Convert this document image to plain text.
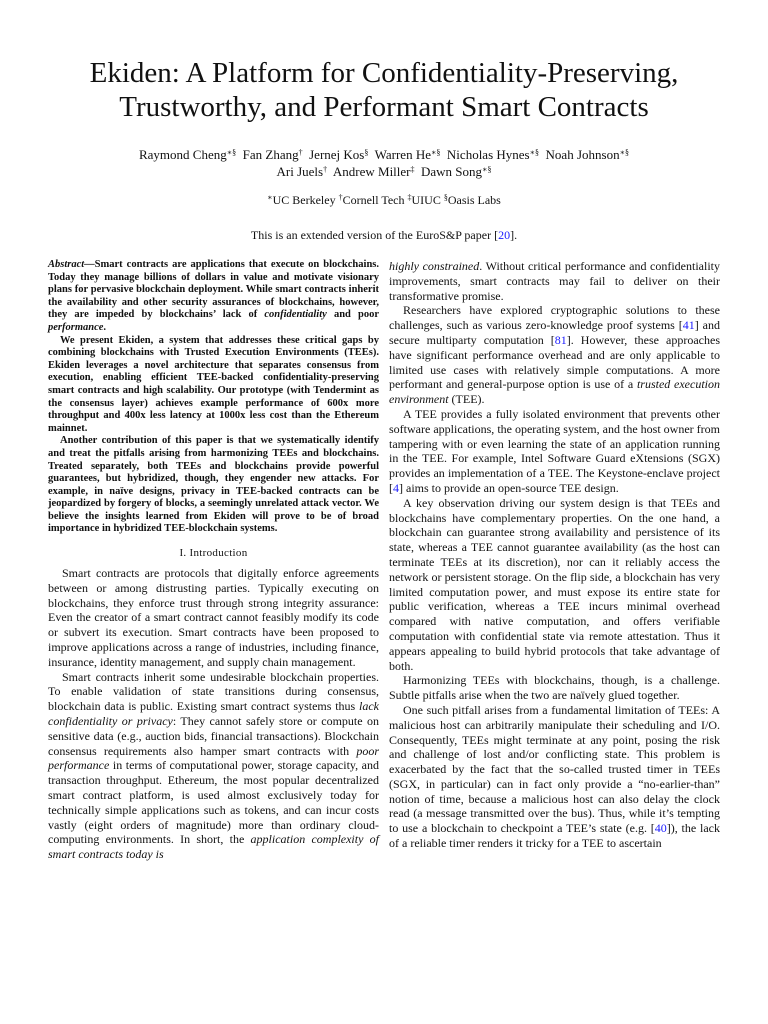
Ekiden: A Platform for Confidentiality-Preserving, Trustworthy, and Performant Smart Contracts
Raymond Cheng∗§ Fan Zhang† Jernej Kos§ Warren He∗§ Nicholas Hynes∗§ Noah Johnson∗§
Ari Juels† Andrew Miller‡ Dawn Song∗§
∗UC Berkeley †Cornell Tech ‡UIUC §Oasis Labs
This is an extended version of the EuroS&P paper [20].

Abstract—Smart contracts are applications that execute on blockchains. Today they manage billions of dollars in value and motivate visionary plans for pervasive blockchain deployment. While smart contracts inherit the availability and other security assurances of blockchains, however, they are impeded by blockchains’ lack of confidentiality and poor performance.

We present Ekiden, a system that addresses these critical gaps by combining blockchains with Trusted Execution Environments (TEEs). Ekiden leverages a novel architecture that separates consensus from execution, enabling efficient TEE-backed confidentiality-preserving smart contracts and high scalability. Our prototype (with Tendermint as the consensus layer) achieves example performance of 600x more throughput and 400x less latency at 1000x less cost than the Ethereum mainnet.

Another contribution of this paper is that we systematically identify and treat the pitfalls arising from harmonizing TEEs and blockchains. Treated separately, both TEEs and blockchains provide powerful guarantees, but hybridized, though, they engender new attacks. For example, in naïve designs, privacy in TEE-backed contracts can be jeopardized by forgery of blocks, a seemingly unrelated attack vector. We believe the insights learned from Ekiden will prove to be of broad importance in hybridized TEE-blockchain systems.

I. Introduction

Smart contracts are protocols that digitally enforce agreements between or among distrusting parties. Typically executing on blockchains, they enforce trust through strong integrity assurance: Even the creator of a smart contract cannot feasibly modify its code or subvert its execution. Smart contracts have been proposed to improve applications across a range of industries, including finance, insurance, identity management, and supply chain management.

Smart contracts inherit some undesirable blockchain properties. To enable validation of state transitions during consensus, blockchain data is public. Existing smart contract systems thus lack confidentiality or privacy: They cannot safely store or compute on sensitive data (e.g., auction bids, financial transactions). Blockchain consensus requirements also hamper smart contracts with poor performance in terms of computational power, storage capacity, and transaction throughput. Ethereum, the most popular decentralized smart contract platform, is used almost exclusively today for technically simple applications such as tokens, and can incur costs vastly (eight orders of magnitude) more than ordinary cloud-computing environments. In short, the application complexity of smart contracts today is

highly constrained. Without critical performance and confidentiality improvements, smart contracts may fail to deliver on their transformative promise.

Researchers have explored cryptographic solutions to these challenges, such as various zero-knowledge proof systems [41] and secure multiparty computation [81]. However, these approaches have significant performance overhead and are only applicable to limited use cases with relatively simple computations. A more performant and general-purpose option is use of a trusted execution environment (TEE).

A TEE provides a fully isolated environment that prevents other software applications, the operating system, and the host owner from tampering with or even learning the state of an application running in the TEE. For example, Intel Software Guard eXtensions (SGX) provides an implementation of a TEE. The Keystone-enclave project [4] aims to provide an open-source TEE design.

A key observation driving our system design is that TEEs and blockchains have complementary properties. On the one hand, a blockchain can guarantee strong availability and persistence of its state, whereas a TEE cannot guarantee availability (as the host can terminate TEEs at its discretion), nor can it reliably access the network or persistent storage. On the flip side, a blockchain has very limited computation power, and must expose its entire state for public verification, whereas a TEE incurs minimal overhead compared with native computation, and offers verifiable computation with confidential state via remote attestation. Thus it appears appealing to build hybrid protocols that take advantage of both.

Harmonizing TEEs with blockchains, though, is a challenge. Subtle pitfalls arise when the two are naïvely glued together.

One such pitfall arises from a fundamental limitation of TEEs: A malicious host can arbitrarily manipulate their scheduling and I/O. Consequently, TEEs might terminate at any point, posing the risk and challenge of lost and/or conflicting state. This problem is exacerbated by the fact that the so-called trusted timer in TEEs (SGX, in particular) can in fact only provide a “no-earlier-than” notion of time, because a malicious host can also delay the clock read (a message transmitted over the bus). Thus, while it’s tempting to use a blockchain to checkpoint a TEE’s state (e.g. [40]), the lack of a reliable timer renders it tricky for a TEE to ascertain
